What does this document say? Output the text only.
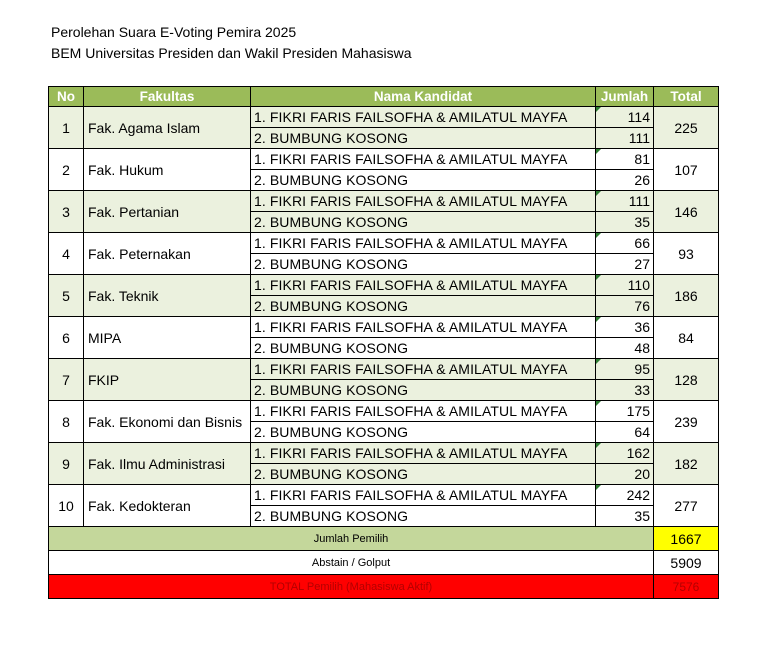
Perolehan Suara E-Voting Pemira 2025
BEM Universitas Presiden dan Wakil Presiden Mahasiswa
No	Fakultas	Nama Kandidat	Jumlah	Total
1	Fak. Agama Islam	1. FIKRI FARIS FAILSOFHA & AMILATUL MAYFA	114	225
		2. BUMBUNG KOSONG	111	
2	Fak. Hukum	1. FIKRI FARIS FAILSOFHA & AMILATUL MAYFA	81	107
		2. BUMBUNG KOSONG	26	
3	Fak. Pertanian	1. FIKRI FARIS FAILSOFHA & AMILATUL MAYFA	111	146
		2. BUMBUNG KOSONG	35	
4	Fak. Peternakan	1. FIKRI FARIS FAILSOFHA & AMILATUL MAYFA	66	93
		2. BUMBUNG KOSONG	27	
5	Fak. Teknik	1. FIKRI FARIS FAILSOFHA & AMILATUL MAYFA	110	186
		2. BUMBUNG KOSONG	76	
6	MIPA	1. FIKRI FARIS FAILSOFHA & AMILATUL MAYFA	36	84
		2. BUMBUNG KOSONG	48	
7	FKIP	1. FIKRI FARIS FAILSOFHA & AMILATUL MAYFA	95	128
		2. BUMBUNG KOSONG	33	
8	Fak. Ekonomi dan Bisnis	1. FIKRI FARIS FAILSOFHA & AMILATUL MAYFA	175	239
		2. BUMBUNG KOSONG	64	
9	Fak. Ilmu Administrasi	1. FIKRI FARIS FAILSOFHA & AMILATUL MAYFA	162	182
		2. BUMBUNG KOSONG	20	
10	Fak. Kedokteran	1. FIKRI FARIS FAILSOFHA & AMILATUL MAYFA	242	277
		2. BUMBUNG KOSONG	35	
Jumlah Pemilih				1667
Abstain / Golput				5909
TOTAL Pemilih (Mahasiswa Aktif)				7576
